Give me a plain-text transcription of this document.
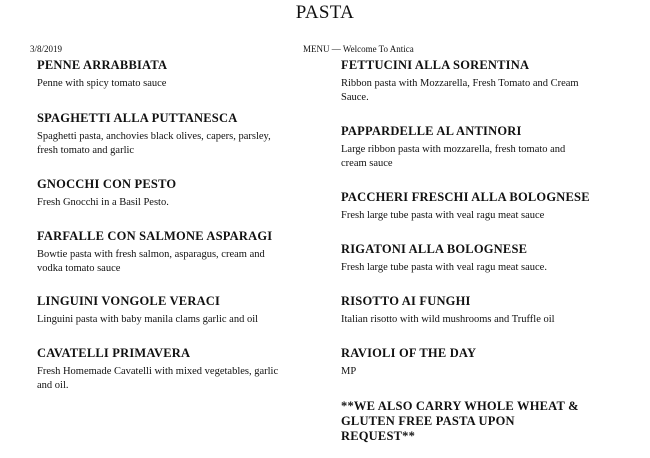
PASTA
3/8/2019	MENU — Welcome To Antica
PENNE ARRABBIATA

Penne with spicy tomato sauce

SPAGHETTI ALLA PUTTANESCA

Spaghetti pasta, anchovies black olives, capers, parsley, fresh tomato and garlic

GNOCCHI CON PESTO

Fresh Gnocchi in a Basil Pesto.

FARFALLE CON SALMONE ASPARAGI

Bowtie pasta with fresh salmon, asparagus, cream and vodka tomato sauce

LINGUINI VONGOLE VERACI

Linguini pasta with baby manila clams garlic and oil

CAVATELLI PRIMAVERA

Fresh Homemade Cavatelli with mixed vegetables, garlic and oil.

FETTUCINI ALLA SORENTINA

Ribbon pasta with Mozzarella, Fresh Tomato and Cream Sauce.

PAPPARDELLE AL ANTINORI

Large ribbon pasta with mozzarella, fresh tomato and cream sauce

PACCHERI FRESCHI ALLA BOLOGNESE

Fresh large tube pasta with veal ragu meat sauce

RIGATONI ALLA BOLOGNESE

Fresh large tube pasta with veal ragu meat sauce.

RISOTTO AI FUNGHI

Italian risotto with wild mushrooms and Truffle oil

RAVIOLI OF THE DAY

MP

**WE ALSO CARRY WHOLE WHEAT & GLUTEN FREE PASTA UPON REQUEST**
